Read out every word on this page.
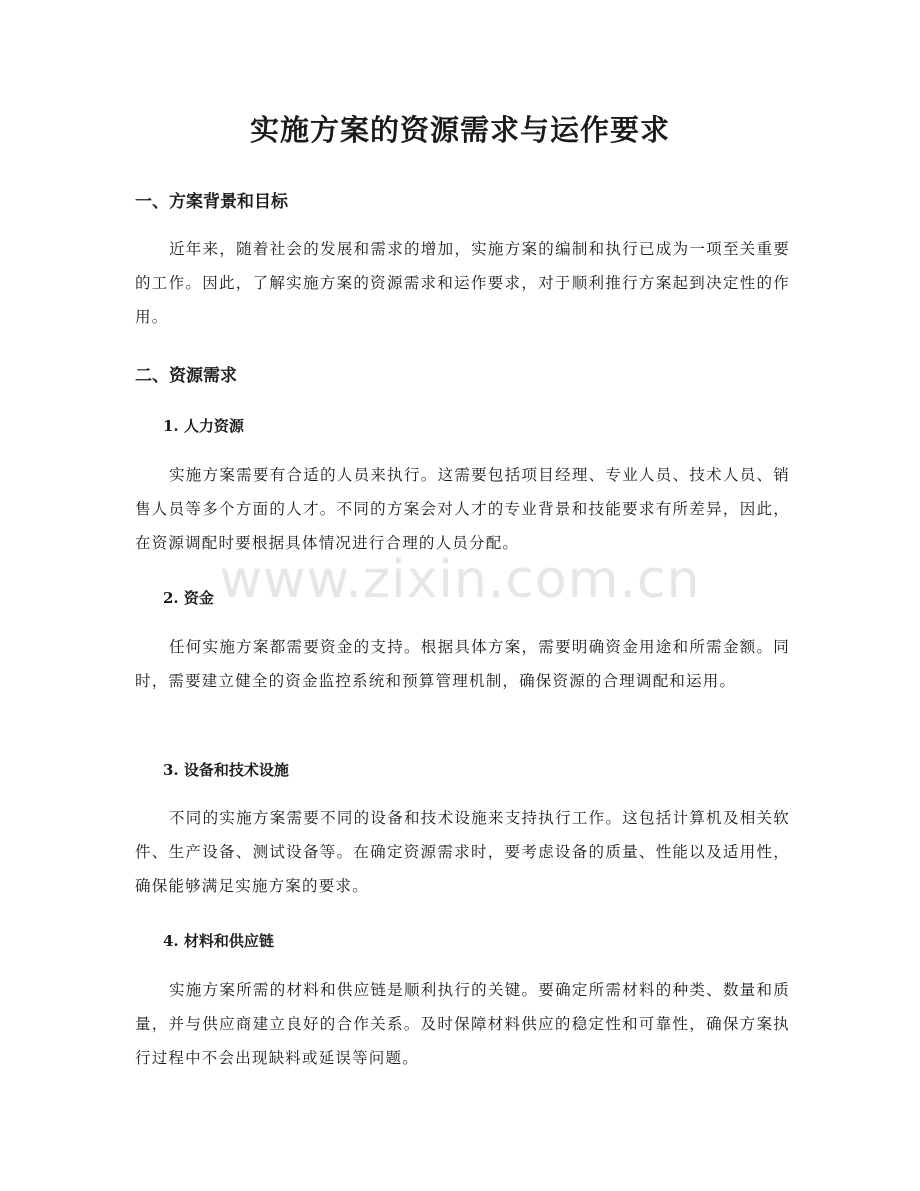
实施方案的资源需求与运作要求
一、方案背景和目标

近年来，随着社会的发展和需求的增加，实施方案的编制和执行已成为一项至关重要的工作。因此，了解实施方案的资源需求和运作要求，对于顺利推行方案起到决定性的作用。

二、资源需求
1. 人力资源

实施方案需要有合适的人员来执行。这需要包括项目经理、专业人员、技术人员、销售人员等多个方面的人才。不同的方案会对人才的专业背景和技能要求有所差异，因此，在资源调配时要根据具体情况进行合理的人员分配。

2. 资金

任何实施方案都需要资金的支持。根据具体方案，需要明确资金用途和所需金额。同时，需要建立健全的资金监控系统和预算管理机制，确保资源的合理调配和运用。

3. 设备和技术设施

不同的实施方案需要不同的设备和技术设施来支持执行工作。这包括计算机及相关软件、生产设备、测试设备等。在确定资源需求时，要考虑设备的质量、性能以及适用性，确保能够满足实施方案的要求。

4. 材料和供应链

实施方案所需的材料和供应链是顺利执行的关键。要确定所需材料的种类、数量和质量，并与供应商建立良好的合作关系。及时保障材料供应的稳定性和可靠性，确保方案执行过程中不会出现缺料或延误等问题。

www.zixin.com.cn
